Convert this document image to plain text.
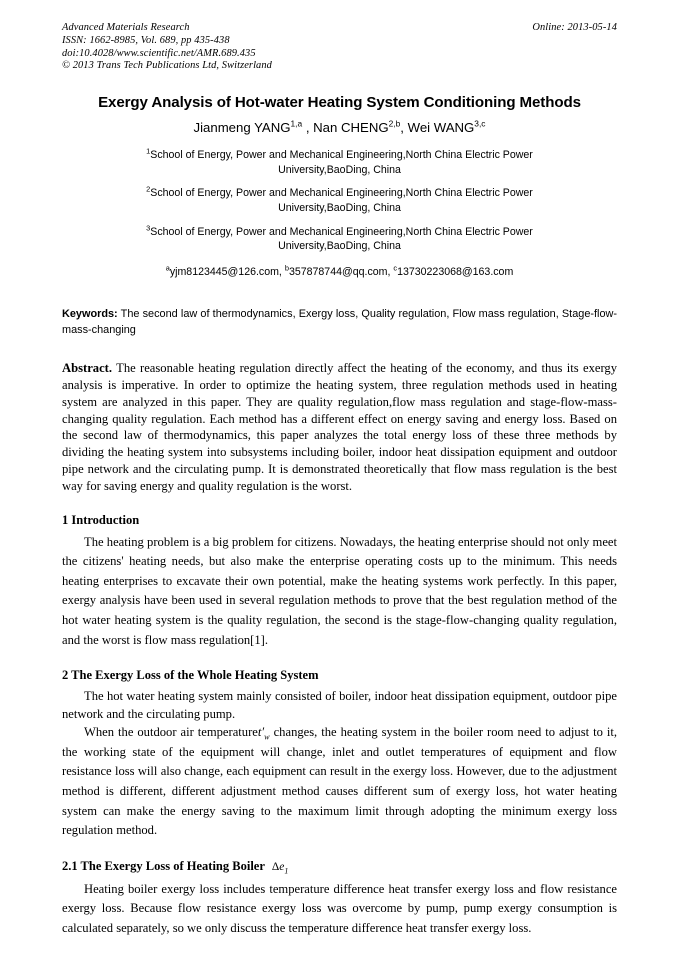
Advanced Materials Research
ISSN: 1662-8985, Vol. 689, pp 435-438
doi:10.4028/www.scientific.net/AMR.689.435
© 2013 Trans Tech Publications Ltd, Switzerland
Online: 2013-05-14
Exergy Analysis of Hot-water Heating System Conditioning Methods
Jianmeng YANG$^{1,a}$ , Nan CHENG$^{2,b}$, Wei WANG$^{3,c}$
$^1$School of Energy, Power and Mechanical Engineering,North China Electric Power University,BaoDing, China
$^2$School of Energy, Power and Mechanical Engineering,North China Electric Power University,BaoDing, China
$^3$School of Energy, Power and Mechanical Engineering,North China Electric Power University,BaoDing, China
$^a$yjm8123445@126.com, $^b$357878744@qq.com, $^c$13730223068@163.com
Keywords: The second law of thermodynamics, Exergy loss, Quality regulation, Flow mass regulation, Stage-flow-mass-changing
Abstract. The reasonable heating regulation directly affect the heating of the economy, and thus its exergy analysis is imperative. In order to optimize the heating system, three regulation methods used in heating system are analyzed in this paper. They are quality regulation,flow mass regulation and stage-flow-mass-changing quality regulation. Each method has a different effect on energy saving and energy loss. Based on the second law of thermodynamics, this paper analyzes the total energy loss of these three methods by dividing the heating system into subsystems including boiler, indoor heat dissipation equipment and outdoor pipe network and the circulating pump. It is demonstrated theoretically that flow mass regulation is the best way for saving energy and quality regulation is the worst.
1 Introduction
The heating problem is a big problem for citizens. Nowadays, the heating enterprise should not only meet the citizens' heating needs, but also make the enterprise operating costs up to the minimum. This needs heating enterprises to excavate their own potential, make the heating systems work perfectly. In this paper, exergy analysis have been used in several regulation methods to prove that the best regulation method of the hot water heating system is the quality regulation, the second is the stage-flow-changing quality regulation, and the worst is flow mass regulation[1].
2 The Exergy Loss of the Whole Heating System
The hot water heating system mainly consisted of boiler, indoor heat dissipation equipment, outdoor pipe network and the circulating pump.
When the outdoor air $temperaturet'_w$ changes, the heating system in the boiler room need to adjust to it, the working state of the equipment will change, inlet and outlet temperatures of equipment and flow resistance loss will also change, each equipment can result in the exergy loss. However, due to the adjustment method is different, different adjustment method causes different sum of exergy loss, hot water heating system can make the energy saving to the maximum limit through adopting the minimum exergy loss regulation method.
2.1 The Exergy Loss of Heating Boiler $\Delta e_1$
Heating boiler exergy loss includes temperature difference heat transfer exergy loss and flow resistance exergy loss. Because flow resistance exergy loss was overcome by pump, pump exergy consumption is calculated separately, so we only discuss the temperature difference heat transfer exergy loss.
